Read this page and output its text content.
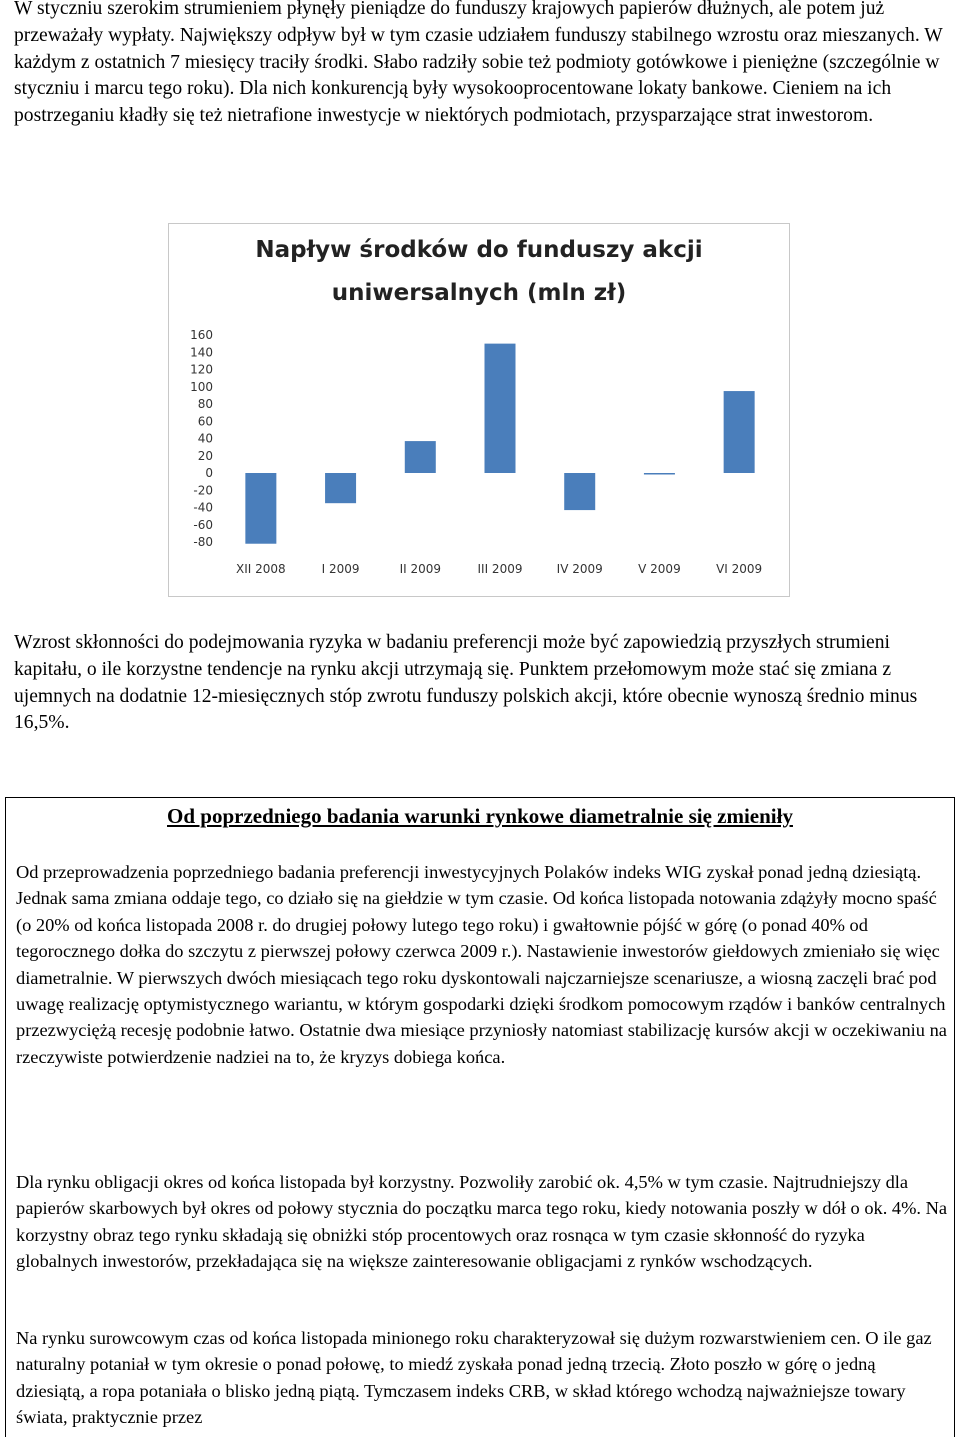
W styczniu szerokim strumieniem płynęły pieniądze do funduszy krajowych papierów dłużnych, ale potem już przeważały wypłaty. Największy odpływ był w tym czasie udziałem funduszy stabilnego wzrostu oraz mieszanych. W każdym z ostatnich 7 miesięcy traciły środki. Słabo radziły sobie też podmioty gotówkowe i pieniężne (szczególnie w styczniu i marcu tego roku). Dla nich konkurencją były wysokooprocentowane lokaty bankowe. Cieniem na ich postrzeganiu kładły się też nietrafione inwestycje w niektórych podmiotach, przysparzające strat inwestorom.

Napływ środków do funduszy akcji
uniwersalnych (mln zł)
160
140
120
100
80
60
40
20
0
-20
-40
-60
-80
XII 2008	I 2009	II 2009	III 2009	IV 2009	V 2009	VI 2009

Wzrost skłonności do podejmowania ryzyka w badaniu preferencji może być zapowiedzią przyszłych strumieni kapitału, o ile korzystne tendencje na rynku akcji utrzymają się. Punktem przełomowym może stać się zmiana z ujemnych na dodatnie 12-miesięcznych stóp zwrotu funduszy polskich akcji, które obecnie wynoszą średnio minus 16,5%.

Od poprzedniego badania warunki rynkowe diametralnie się zmieniły

Od przeprowadzenia poprzedniego badania preferencji inwestycyjnych Polaków indeks WIG zyskał ponad jedną dziesiątą. Jednak sama zmiana oddaje tego, co działo się na giełdzie w tym czasie. Od końca listopada notowania zdążyły mocno spaść (o 20% od końca listopada 2008 r. do drugiej połowy lutego tego roku) i gwałtownie pójść w górę (o ponad 40% od tegorocznego dołka do szczytu z pierwszej połowy czerwca 2009 r.). Nastawienie inwestorów giełdowych zmieniało się więc diametralnie. W pierwszych dwóch miesiącach tego roku dyskontowali najczarniejsze scenariusze, a wiosną zaczęli brać pod uwagę realizację optymistycznego wariantu, w którym gospodarki dzięki środkom pomocowym rządów i banków centralnych przezwyciężą recesję podobnie łatwo. Ostatnie dwa miesiące przyniosły natomiast stabilizację kursów akcji w oczekiwaniu na rzeczywiste potwierdzenie nadziei na to, że kryzys dobiega końca.

Dla rynku obligacji okres od końca listopada był korzystny. Pozwoliły zarobić ok. 4,5% w tym czasie. Najtrudniejszy dla papierów skarbowych był okres od połowy stycznia do początku marca tego roku, kiedy notowania poszły w dół o ok. 4%. Na korzystny obraz tego rynku składają się obniżki stóp procentowych oraz rosnąca w tym czasie skłonność do ryzyka globalnych inwestorów, przekładająca się na większe zainteresowanie obligacjami z rynków wschodzących.

Na rynku surowcowym czas od końca listopada minionego roku charakteryzował się dużym rozwarstwieniem cen. O ile gaz naturalny potaniał w tym okresie o ponad połowę, to miedź zyskała ponad jedną trzecią. Złoto poszło w górę o jedną dziesiątą, a ropa potaniała o blisko jedną piątą. Tymczasem indeks CRB, w skład którego wchodzą najważniejsze towary świata, praktycznie przez
